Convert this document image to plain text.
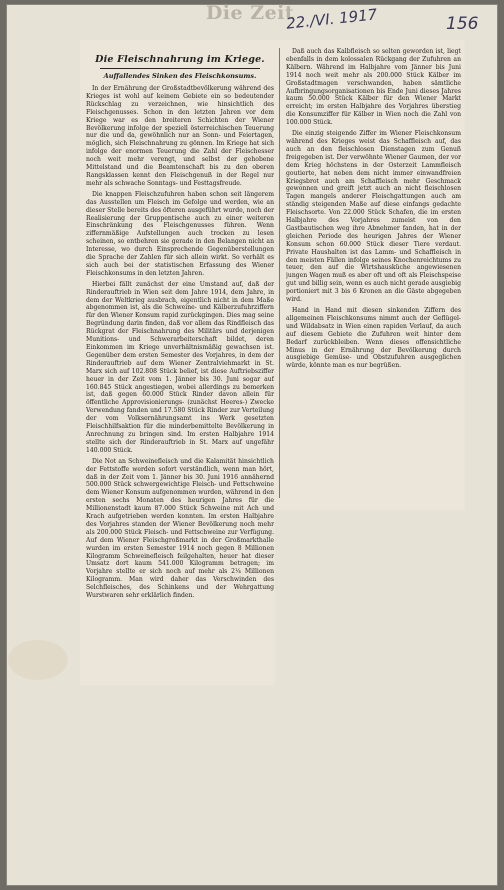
Die Zeit
22./VI. 1917	156
Die Fleischnahrung im Kriege.
Auffallendes Sinken des Fleischkonsums.

In der Ernährung der Großstadtbevölkerung während des Krieges ist wohl auf keinem Gebiete ein so bedeutender Rückschlag zu verzeichnen, wie hinsichtlich des Fleischgenusses. Schon in den letzten Jahren vor dem Kriege war es den breiteren Schichten der Wiener Bevölkerung infolge der speziell österreichischen Teuerung nur die und da, gewöhnlich nur an Sonn- und Feiertagen, möglich, sich Fleischnahrung zu gönnen. Im Kriege hat sich infolge der enormen Teuerung die Zahl der Fleischesser noch weit mehr verengt, und selbst der gehobene Mittelstand und die Beamtenschaft bis zu den oberen Rangsklassen kennt den Fleischgenuß in der Regel nur mehr als schwache Sonntags- und Festtagsfreude.

Die knappen Fleischzufuhren haben schon seit längerem das Ausstellen um Fleisch im Gefolge und werden, wie an dieser Stelle bereits des öfteren ausgeführt wurde, noch der Realisierung der Gruppentische auch zu einer weiteren Einschränkung des Fleischgenusses führen. Wenn ziffernmäßige Aufstellungen auch trocken zu lesen scheinen, so entbehren sie gerade in den Belangen nicht an Interesse, wo durch Einsprechende Gegenüberstellungen die Sprache der Zahlen für sich allein wirkt. So verhält es sich auch bei der statistischen Erfassung des Wiener Fleischkonsums in den letzten Jahren.

Hierbei fällt zunächst der eine Umstand auf, daß der Rinderauftrieb in Wien seit dem Jahre 1914, dem Jahre, in dem der Weltkrieg ausbrach, eigentlich nicht in dem Maße abgenommen ist, als die Schweine- und Kälberzufuhrziffern für den Wiener Konsum rapid zurückgingen. Dies mag seine Begründung darin finden, daß vor allem das Rindfleisch das Rückgrat der Fleischnahrung des Militärs und derjenigen Munitions- und Schwerarbeiterschaft bildet, deren Einkommen im Kriege unverhältnismäßig gewachsen ist. Gegenüber dem ersten Semester des Vorjahres, in dem der Rinderauftrieb auf dem Wiener Zentralviehmarkt in St. Marx sich auf 102.808 Stück belief, ist diese Auftriebsziffer heuer in der Zeit vom 1. Jänner bis 30. Juni sogar auf 160.845 Stück angestiegen, wobei allerdings zu bemerken ist, daß gegen 60.000 Stück Rinder davon allein für öffentliche Approvisionierungs- (zunächst Heeres-) Zwecke Verwendung fanden und 17.580 Stück Rinder zur Verteilung der vom Volksernährungsamt ins Werk gesetzten Fleischhilfsaktion für die minderbemittelte Bevölkerung in Anrechnung zu bringen sind. Im ersten Halbjahre 1914 stellte sich der Rinderauftrieb in St. Marx auf ungefähr 140.000 Stück.

Die Not an Schweinefleisch und die Kalamität hinsichtlich der Fettstoffe werden sofort verständlich, wenn man hört, daß in der Zeit vom 1. Jänner bis 30. Juni 1916 annähernd 500.000 Stück schwergewichtige Fleisch- und Fettschweine dem Wiener Konsum aufgenommen wurden, während in den ersten sechs Monaten des heurigen Jahres für die Millionenstadt kaum 87.000 Stück Schweine mit Ach und Krach aufgetrieben werden konnten. Im ersten Halbjahre des Vorjahres standen der Wiener Bevölkerung noch mehr als 200.000 Stück Fleisch- und Fettschweine zur Verfügung. Auf dem Wiener Fleischgroßmarkt in der Großmarkthalle wurden im ersten Semester 1914 noch gegen 8 Millionen Kilogramm Schweinefleisch feilgehalten, heuer hat dieser Umsatz dort kaum 541.000 Kilogramm betragen; im Vorjahre stellte er sich noch auf mehr als 2¼ Millionen Kilogramm. Man wird daher das Verschwinden des Selchfleisches, des Schinkens und der Wehrgattung Wurstwaren sehr erklärlich finden.

Daß auch das Kalbfleisch so selten geworden ist, liegt ebenfalls in dem kolossalen Rückgang der Zufuhren an Kälbern. Während im Halbjahre vom Jänner bis Juni 1914 noch weit mehr als 200.000 Stück Kälber im Großstadtmagen verschwanden, haben sämtliche Aufbringungsorganisationen bis Ende Juni dieses Jahres kaum 50.000 Stück Kälber für den Wiener Markt erreicht; im ersten Halbjahre des Vorjahres überstieg die Konsumziffer für Kälber in Wien noch die Zahl von 100.000 Stück.

Die einzig steigende Ziffer im Wiener Fleischkonsum während des Krieges weist das Schaffleisch auf, das auch an den fleischlosen Dienstagen zum Genuß freigegeben ist. Der verwöhnte Wiener Gaumen, der vor dem Krieg höchstens in der Osterzeit Lammfleisch goutierte, hat neben dem nicht immer einwandfreien Kriegsbrot auch am Schaffleisch mehr Geschmack gewonnen und greift jetzt auch an nicht fleischlosen Tagen mangels anderer Fleischgattungen auch am ständig steigenden Maße auf diese einfangs gedachte Fleischsorte. Von 22.000 Stück Schafen, die im ersten Halbjahre des Vorjahres zumeist von den Gastbautischen weg ihre Abnehmer fanden, hat in der gleichen Periode des heurigen Jahres der Wiener Konsum schon 60.000 Stück dieser Tiere verdaut. Private Haushalten ist das Lamm- und Schaffleisch in den meisten Fällen infolge seines Knochenreichtums zu teuer, den auf die Wirtshausküche angewiesenen jungen Wagen muß es aber oft und oft als Fleischspeise gut und billig sein, wenn es auch nicht gerade ausgiebig portioniert mit 3 bis 6 Kronen an die Gäste abgegeben wird.

Hand in Hand mit diesen sinkenden Ziffern des allgemeinen Fleischkonsums nimmt auch der Geflügel- und Wildabsatz in Wien einen rapiden Verlauf, da auch auf diesem Gebiete die Zufuhren weit hinter dem Bedarf zurückbleiben. Wenn dieses offensichtliche Minus in der Ernährung der Bevölkerung durch ausgiebige Gemüse- und Obstzufuhren ausgeglichen würde, könnte man es nur begrüßen.
